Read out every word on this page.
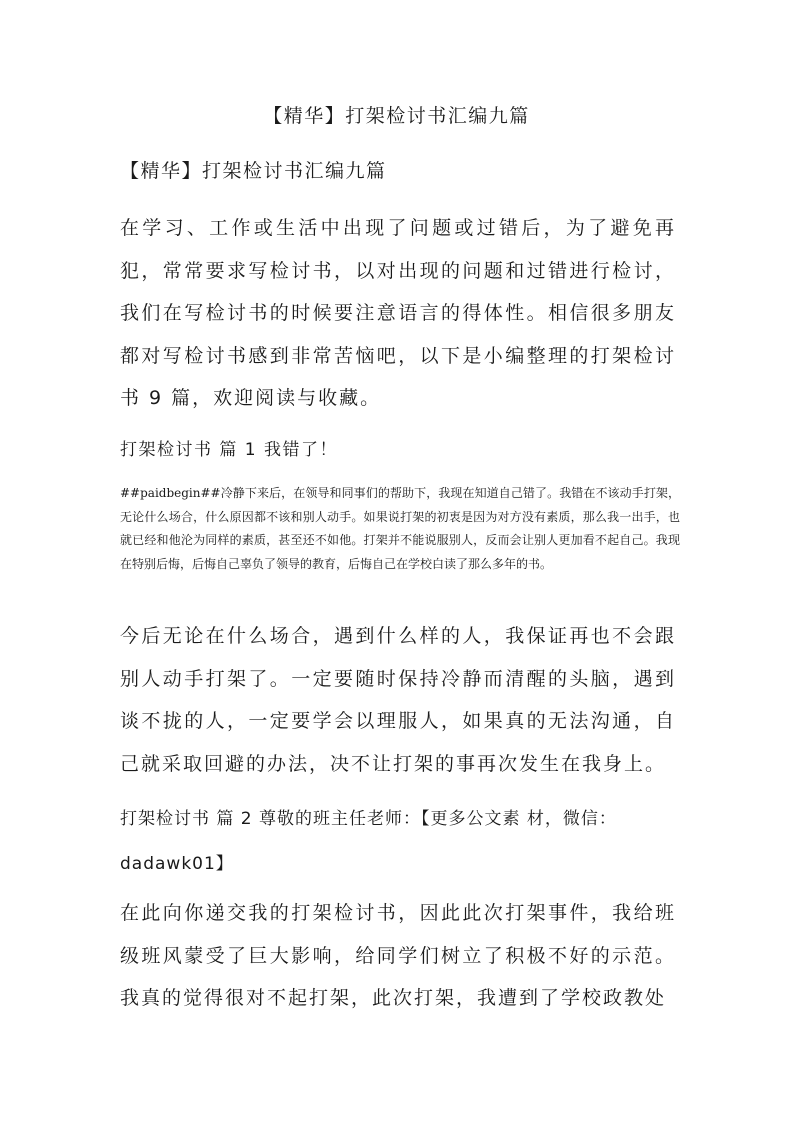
【精华】打架检讨书汇编九篇
【精华】打架检讨书汇编九篇

在学习、工作或生活中出现了问题或过错后，为了避免再犯，常常要求写检讨书，以对出现的问题和过错进行检讨，我们在写检讨书的时候要注意语言的得体性。相信很多朋友都对写检讨书感到非常苦恼吧，以下是小编整理的打架检讨书 9 篇，欢迎阅读与收藏。

打架检讨书 篇 1 我错了！

##paidbegin##冷静下来后，在领导和同事们的帮助下，我现在知道自己错了。我错在不该动手打架，无论什么场合，什么原因都不该和别人动手。如果说打架的初衷是因为对方没有素质，那么我一出手，也就已经和他沦为同样的素质，甚至还不如他。打架并不能说服别人，反而会让别人更加看不起自己。我现在特别后悔，后悔自己辜负了领导的教育，后悔自己在学校白读了那么多年的书。

今后无论在什么场合，遇到什么样的人，我保证再也不会跟别人动手打架了。一定要随时保持冷静而清醒的头脑，遇到谈不拢的人，一定要学会以理服人，如果真的无法沟通，自己就采取回避的办法，决不让打架的事再次发生在我身上。

打架检讨书 篇 2 尊敬的班主任老师：【更多公文素 材，微信：dadawk01】

在此向你递交我的打架检讨书，因此此次打架事件，我给班级班风蒙受了巨大影响，给同学们树立了积极不好的示范。我真的觉得很对不起打架，此次打架，我遭到了学校政教处
